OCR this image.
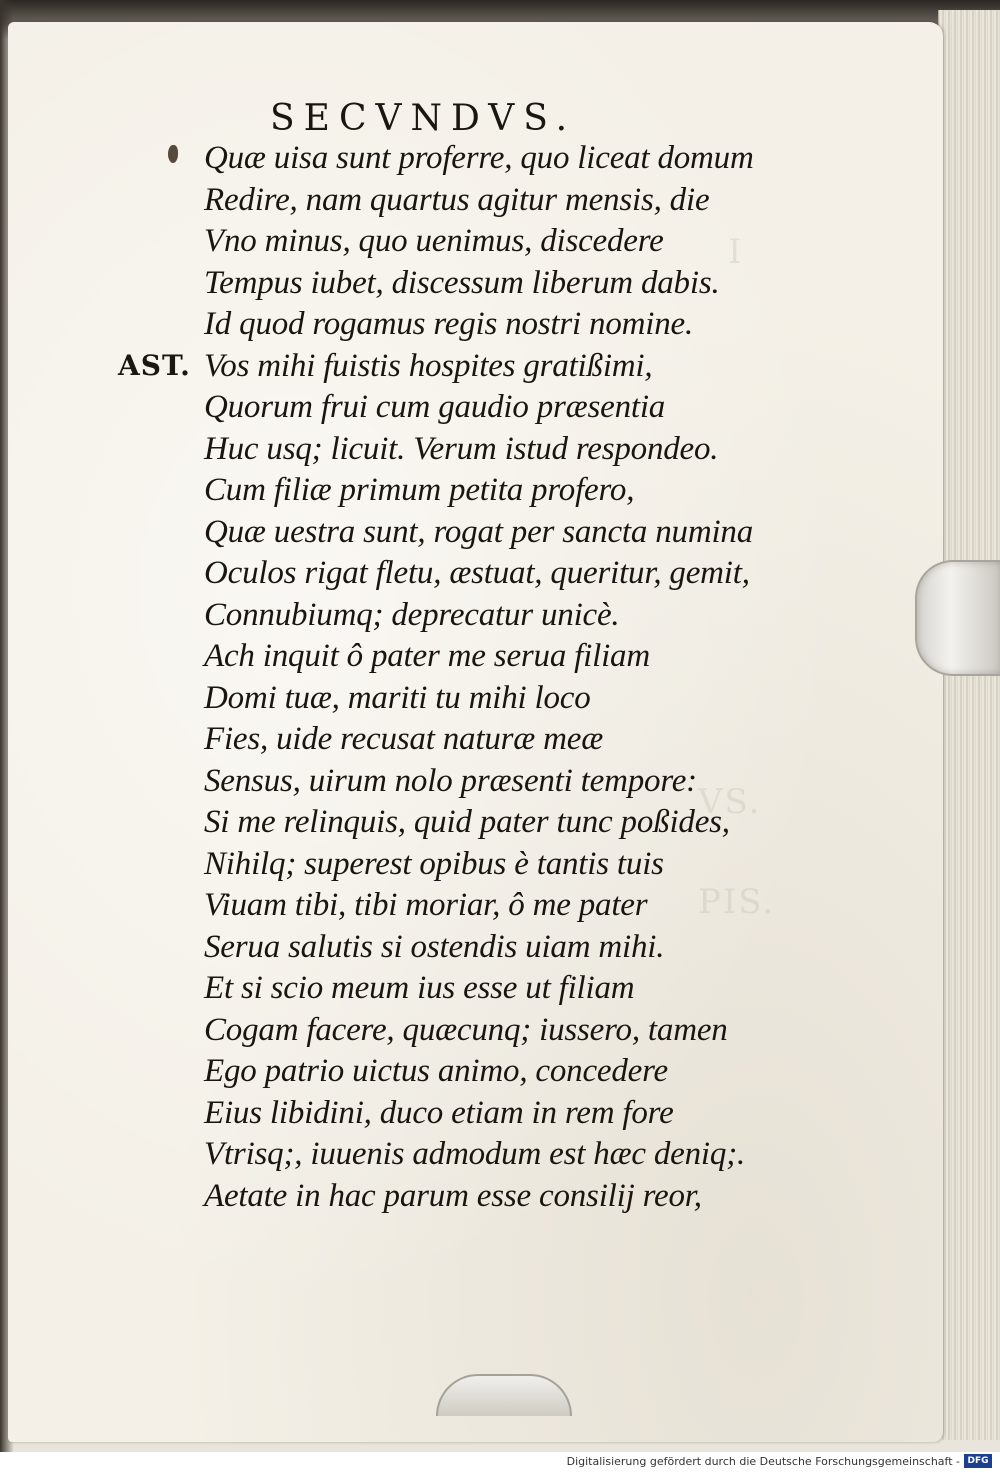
I
VS.
PIS.
SECVNDVS.
AST.
Quæ uisa sunt proferre, quo liceat domum
Redire, nam quartus agitur mensis, die
Vno minus, quo uenimus, discedere
Tempus iubet, discessum liberum dabis.
Id quod rogamus regis nostri nomine.
Vos mihi fuistis hospites gratißimi,
Quorum frui cum gaudio præsentia
Huc usq; licuit. Verum istud respondeo.
Cum filiæ primum petita profero,
Quæ uestra sunt, rogat per sancta numina
Oculos rigat fletu, æstuat, queritur, gemit,
Connubiumq; deprecatur unicè.
Ach inquit ô pater me serua filiam
Domi tuæ, mariti tu mihi loco
Fies, uide recusat naturæ meæ
Sensus, uirum nolo præsenti tempore:
Si me relinquis, quid pater tunc poßides,
Nihilq; superest opibus è tantis tuis
Viuam tibi, tibi moriar, ô me pater
Serua salutis si ostendis uiam mihi.
Et si scio meum ius esse ut filiam
Cogam facere, quæcunq; iussero, tamen
Ego patrio uictus animo, concedere
Eius libidini, duco etiam in rem fore
Vtrisq;, iuuenis admodum est hæc deniq;.
Aetate in hac parum esse consilij reor,
Digitalisierung gefördert durch die Deutsche Forschungsgemeinschaft - DFG
